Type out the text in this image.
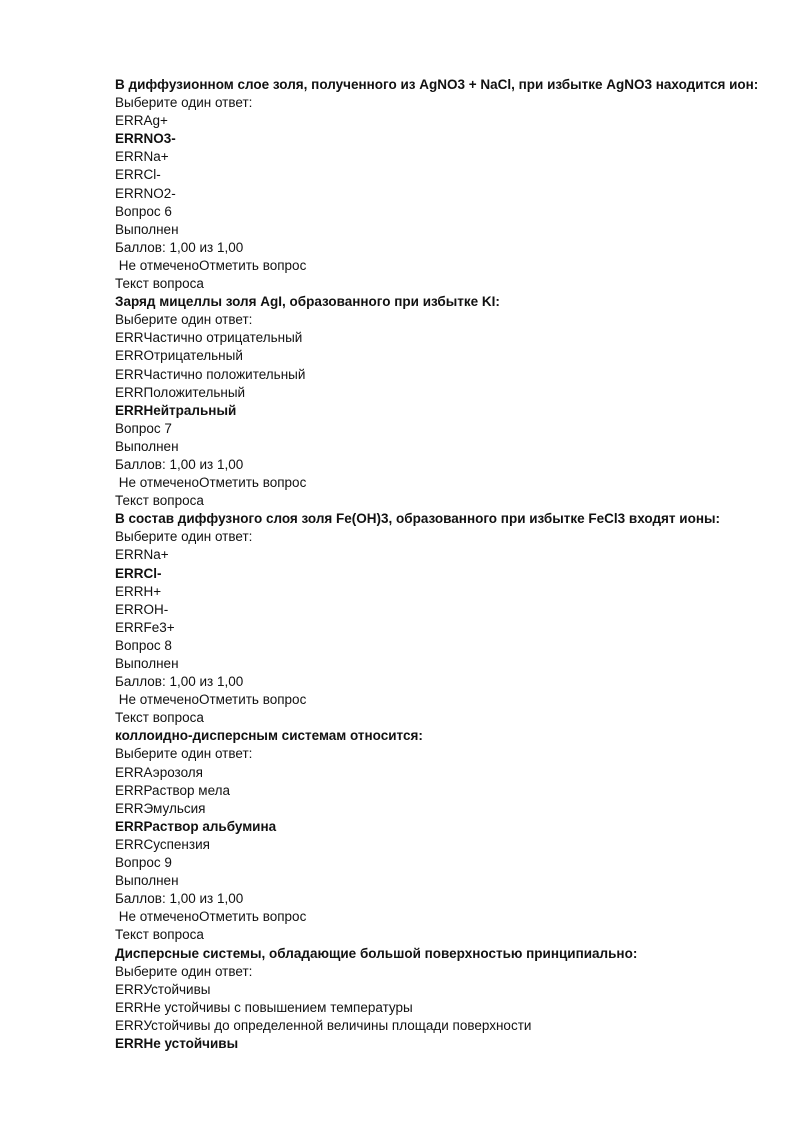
В диффузионном слое золя, полученного из AgNO3 + NaCl, при избытке AgNO3 находится ион:
Выберите один ответ:
ERRAg+
ERRNO3-
ERRNa+
ERRCl-
ERRNO2-
Вопрос 6
Выполнен
Баллов: 1,00 из 1,00
Не отмеченоОтметить вопрос
Текст вопроса
Заряд мицеллы золя AgI, образованного при избытке KI:
Выберите один ответ:
ERRЧастично отрицательный
ERRОтрицательный
ERRЧастично положительный
ERRПоложительный
ERRНейтральный
Вопрос 7
Выполнен
Баллов: 1,00 из 1,00
Не отмеченоОтметить вопрос
Текст вопроса
В состав диффузного слоя золя Fe(OH)3, образованного при избытке FeCl3 входят ионы:
Выберите один ответ:
ERRNa+
ERRCl-
ERRH+
ERROH-
ERRFe3+
Вопрос 8
Выполнен
Баллов: 1,00 из 1,00
Не отмеченоОтметить вопрос
Текст вопроса
коллоидно-дисперсным системам относится:
Выберите один ответ:
ERRАэрозоля
ERRРаствор мела
ERRЭмульсия
ERRРаствор альбумина
ERRСуспензия
Вопрос 9
Выполнен
Баллов: 1,00 из 1,00
Не отмеченоОтметить вопрос
Текст вопроса
Дисперсные системы, обладающие большой поверхностью принципиально:
Выберите один ответ:
ERRУстойчивы
ERRНе устойчивы с повышением температуры
ERRУстойчивы до определенной величины площади поверхности
ERRНе устойчивы
